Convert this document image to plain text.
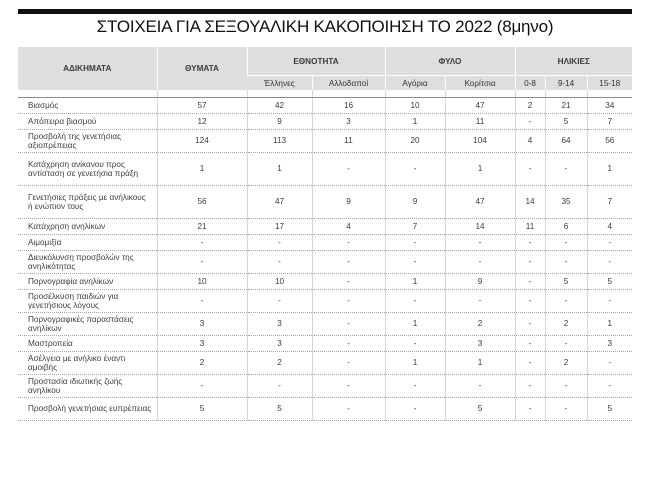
ΣΤΟΙΧΕΙΑ ΓΙΑ ΣΕΞΟΥΑΛΙΚΗ ΚΑΚΟΠΟΙΗΣΗ ΤΟ 2022 (8μηνο)
ΑΔΙΚΗΜΑΤΑ	ΘΥΜΑΤΑ	ΕΘΝΟΤΗΤΑ		ΦΥΛΟ		ΗΛΙΚΙΕΣ		
		Έλληνες	Αλλοδαποί	Αγόρια	Κορίτσια	0-8	9-14	15-18

Βιασμός	57	42	16	10	47	2	21	34
Απόπειρα βιασμού	12	9	3	1	11	-	5	7
Προσβολή της γενετήσιας αξιοπρέπειας	124	113	11	20	104	4	64	56
Κατάχρηση ανίκανου προς αντίσταση σε γενετήσια πράξη	1	1	-	-	1	-	-	1
Γενετήσιες πράξεις με ανήλικους ή ενώπιον τους	56	47	9	9	47	14	35	7
Κατάχρηση ανηλίκων	21	17	4	7	14	11	6	4
Αιμομιξία	-	-	-	-	-	-	-	-
Διευκόλυνση προσβολών της ανηλικότητας	-	-	-	-	-	-	-	-
Πορνογραφία ανηλίκων	10	10	-	1	9	-	5	5
Προσέλκυση παιδιών για γενετήσιους λόγους	-	-	-	-	-	-	-	-
Πορνογραφικές παραστάσεις ανηλίκων	3	3	-	1	2	-	2	1
Μαστροπεία	3	3	-	-	3	-	-	3
Ασέλγεια με ανήλικο έναντι αμοιβής	2	2	-	1	1	-	2	-
Προστασία ιδιωτικής ζωής ανηλίκου	-	-	-	-	-	-	-	-
Προσβολή γενετήσιας ευπρέπειας	5	5	-	-	5	-	-	5
